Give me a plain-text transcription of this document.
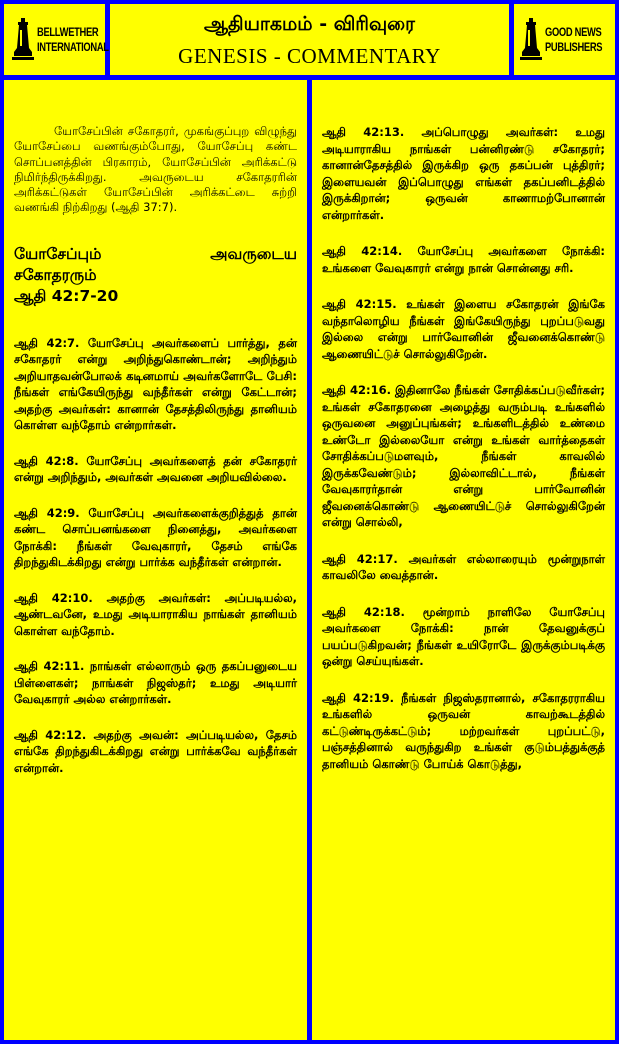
BELLWETHER
INTERNATIONAL
ஆதியாகமம் - விரிவுரை
GENESIS - COMMENTARY
GOOD NEWS
PUBLISHERS

யோசேப்பின் சகோதரர், முகங்குப்புற விழுந்து யோசேப்பை வணங்கும்போது, யோசேப்பு கண்ட சொப்பனத்தின் பிரகாரம், யோசேப்பின் அரிக்கட்டு நிமிர்ந்திருக்கிறது. அவருடைய சகோதரரின் அரிக்கட்டுகள் யோசேப்பின் அரிக்கட்டை சுற்றி வணங்கி நிற்கிறது (ஆதி 37:7).

யோசேப்பும் அவருடைய
சகோதரரும்
ஆதி 42:7-20

ஆதி 42:7. யோசேப்பு அவர்களைப் பார்த்து, தன் சகோதரர் என்று அறிந்துகொண்டான்; அறிந்தும் அறியாதவன்போலக் கடினமாய் அவர்களோடே பேசி: நீங்கள் எங்கேயிருந்து வந்தீர்கள் என்று கேட்டான்; அதற்கு அவர்கள்: கானான் தேசத்திலிருந்து தானியம் கொள்ள வந்தோம் என்றார்கள்.

ஆதி 42:8. யோசேப்பு அவர்களைத் தன் சகோதரர் என்று அறிந்தும், அவர்கள் அவனை அறியவில்லை.

ஆதி 42:9. யோசேப்பு அவர்களைக்குறித்துத் தான் கண்ட சொப்பனங்களை நினைத்து, அவர்களை நோக்கி: நீங்கள் வேவுகாரர், தேசம் எங்கே திறந்துகிடக்கிறது என்று பார்க்க வந்தீர்கள் என்றான்.

ஆதி 42:10. அதற்கு அவர்கள்: அப்படியல்ல, ஆண்டவனே, உமது அடியாராகிய நாங்கள் தானியம் கொள்ள வந்தோம்.

ஆதி 42:11. நாங்கள் எல்லாரும் ஒரு தகப்பனுடைய பிள்ளைகள்; நாங்கள் நிஜஸ்தர்; உமது அடியார் வேவுகாரர் அல்ல என்றார்கள்.

ஆதி 42:12. அதற்கு அவன்: அப்படியல்ல, தேசம் எங்கே திறந்துகிடக்கிறது என்று பார்க்கவே வந்தீர்கள் என்றான்.

ஆதி 42:13. அப்பொழுது அவர்கள்: உமது அடியாராகிய நாங்கள் பன்னிரண்டு சகோதரர்; கானான்தேசத்தில் இருக்கிற ஒரு தகப்பன் புத்திரர்; இளையவன் இப்பொழுது எங்கள் தகப்பனிடத்தில் இருக்கிறான்; ஒருவன் காணாமற்போனான் என்றார்கள்.

ஆதி 42:14. யோசேப்பு அவர்களை நோக்கி: உங்களை வேவுகாரர் என்று நான் சொன்னது சரி.

ஆதி 42:15. உங்கள் இளைய சகோதரன் இங்கே வந்தாலொழிய நீங்கள் இங்கேயிருந்து புறப்படுவது இல்லை என்று பார்வோனின் ஜீவனைக்கொண்டு ஆணையிட்டுச் சொல்லுகிறேன்.

ஆதி 42:16. இதினாலே நீங்கள் சோதிக்கப்படுவீர்கள்; உங்கள் சகோதரனை அழைத்து வரும்படி உங்களில் ஒருவனை அனுப்புங்கள்; உங்களிடத்தில் உண்மை உண்டோ இல்லையோ என்று உங்கள் வார்த்தைகள் சோதிக்கப்படுமளவும், நீங்கள் காவலில் இருக்கவேண்டும்; இல்லாவிட்டால், நீங்கள் வேவுகாரர்தான் என்று பார்வோனின் ஜீவனைக்கொண்டு ஆணையிட்டுச் சொல்லுகிறேன் என்று சொல்லி,

ஆதி 42:17. அவர்கள் எல்லாரையும் மூன்றுநாள் காவலிலே வைத்தான்.

ஆதி 42:18. மூன்றாம் நாளிலே யோசேப்பு அவர்களை நோக்கி: நான் தேவனுக்குப் பயப்படுகிறவன்; நீங்கள் உயிரோடே இருக்கும்படிக்கு ஒன்று செய்யுங்கள்.

ஆதி 42:19. நீங்கள் நிஜஸ்தரானால், சகோதரராகிய உங்களில் ஒருவன் காவற்கூடத்தில் கட்டுண்டிருக்கட்டும்; மற்றவர்கள் புறப்பட்டு, பஞ்சத்தினால் வருந்துகிற உங்கள் குடும்பத்துக்குத் தானியம் கொண்டு போய்க் கொடுத்து,
